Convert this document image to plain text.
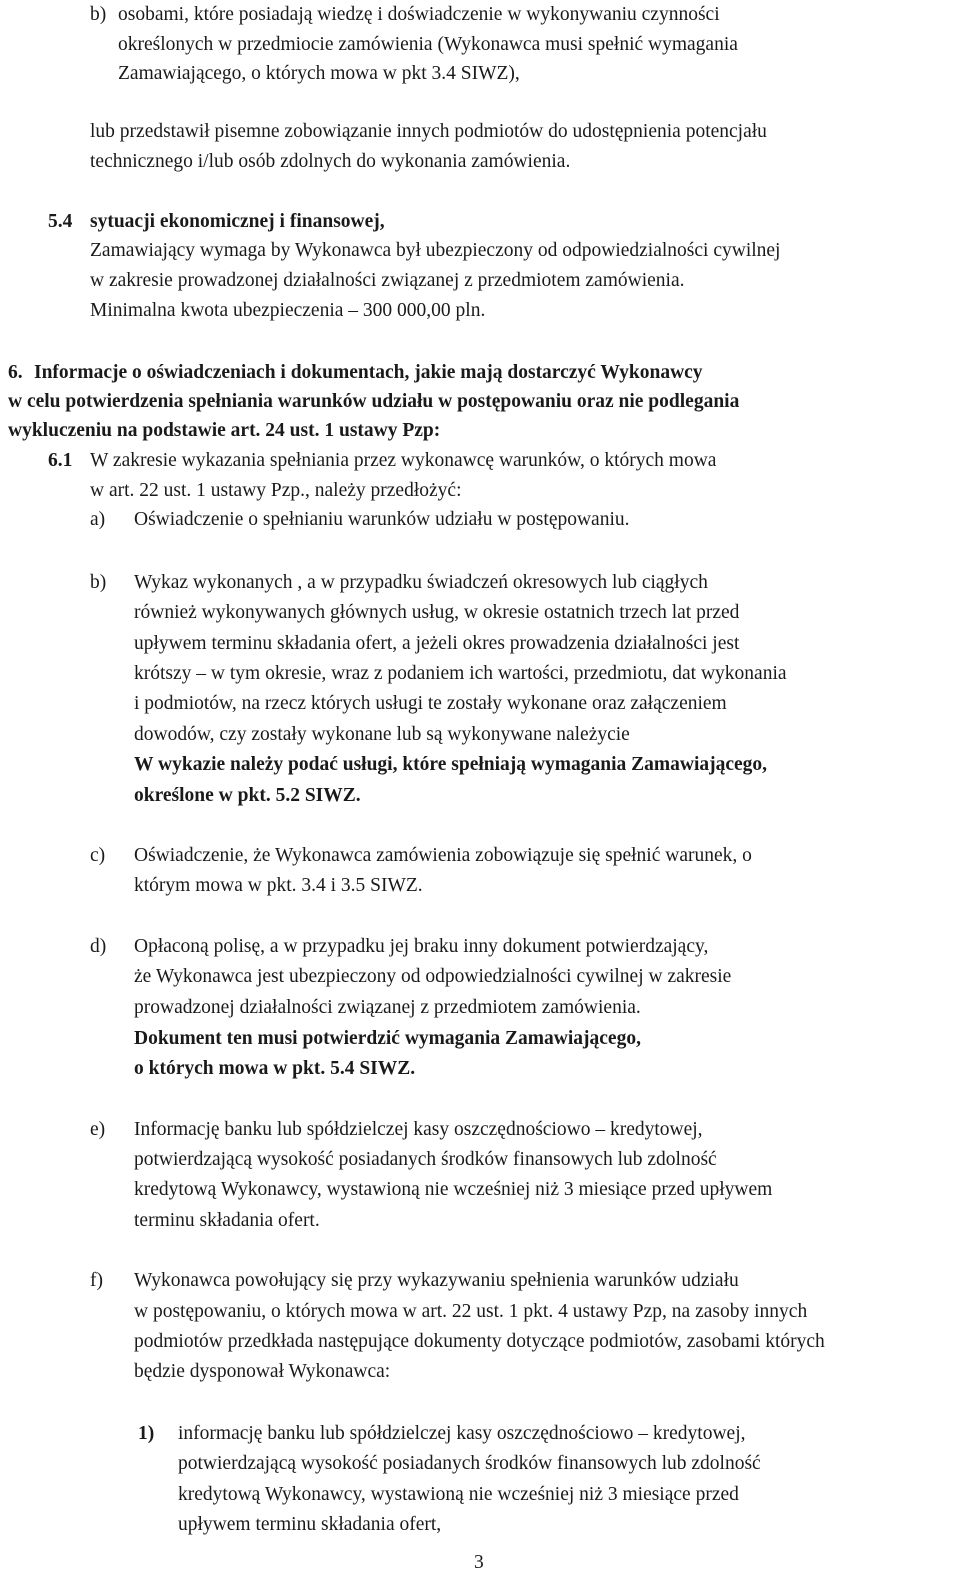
b) osobami, które posiadają wiedzę i doświadczenie w wykonywaniu czynności
określonych w przedmiocie zamówienia (Wykonawca musi spełnić wymagania
Zamawiającego, o których mowa w pkt 3.4 SIWZ),
lub przedstawił pisemne zobowiązanie innych podmiotów do udostępnienia potencjału
technicznego i/lub osób zdolnych do wykonania zamówienia.
5.4 sytuacji ekonomicznej i finansowej,
Zamawiający wymaga by Wykonawca był ubezpieczony od odpowiedzialności cywilnej
w zakresie prowadzonej działalności związanej z przedmiotem zamówienia.
Minimalna kwota ubezpieczenia – 300 000,00 pln.
6. Informacje o oświadczeniach i dokumentach, jakie mają dostarczyć Wykonawcy
w celu potwierdzenia spełniania warunków udziału w postępowaniu oraz nie podlegania
wykluczeniu na podstawie art. 24 ust. 1 ustawy Pzp:
6.1 W zakresie wykazania spełniania przez wykonawcę warunków, o których mowa
w art. 22 ust. 1 ustawy Pzp., należy przedłożyć:
a) Oświadczenie o spełnianiu warunków udziału w postępowaniu.
b) Wykaz wykonanych , a w przypadku świadczeń okresowych lub ciągłych
również wykonywanych głównych usług, w okresie ostatnich trzech lat przed
upływem terminu składania ofert, a jeżeli okres prowadzenia działalności jest
krótszy – w tym okresie, wraz z podaniem ich wartości, przedmiotu, dat wykonania
i podmiotów, na rzecz których usługi te zostały wykonane oraz załączeniem
dowodów, czy zostały wykonane lub są wykonywane należycie
W wykazie należy podać usługi, które spełniają wymagania Zamawiającego,
określone w pkt. 5.2 SIWZ.
c) Oświadczenie, że Wykonawca zamówienia zobowiązuje się spełnić warunek, o
którym mowa w pkt. 3.4 i 3.5 SIWZ.
d) Opłaconą polisę, a w przypadku jej braku inny dokument potwierdzający,
że Wykonawca jest ubezpieczony od odpowiedzialności cywilnej w zakresie
prowadzonej działalności związanej z przedmiotem zamówienia.
Dokument ten musi potwierdzić wymagania Zamawiającego,
o których mowa w pkt. 5.4 SIWZ.
e) Informację banku lub spółdzielczej kasy oszczędnościowo – kredytowej,
potwierdzającą wysokość posiadanych środków finansowych lub zdolność
kredytową Wykonawcy, wystawioną nie wcześniej niż 3 miesiące przed upływem
terminu składania ofert.
f) Wykonawca powołujący się przy wykazywaniu spełnienia warunków udziału
w postępowaniu, o których mowa w art. 22 ust. 1 pkt. 4 ustawy Pzp, na zasoby innych
podmiotów przedkłada następujące dokumenty dotyczące podmiotów, zasobami których
będzie dysponował Wykonawca:
1) informację banku lub spółdzielczej kasy oszczędnościowo – kredytowej,
potwierdzającą wysokość posiadanych środków finansowych lub zdolność
kredytową Wykonawcy, wystawioną nie wcześniej niż 3 miesiące przed
upływem terminu składania ofert,
3
